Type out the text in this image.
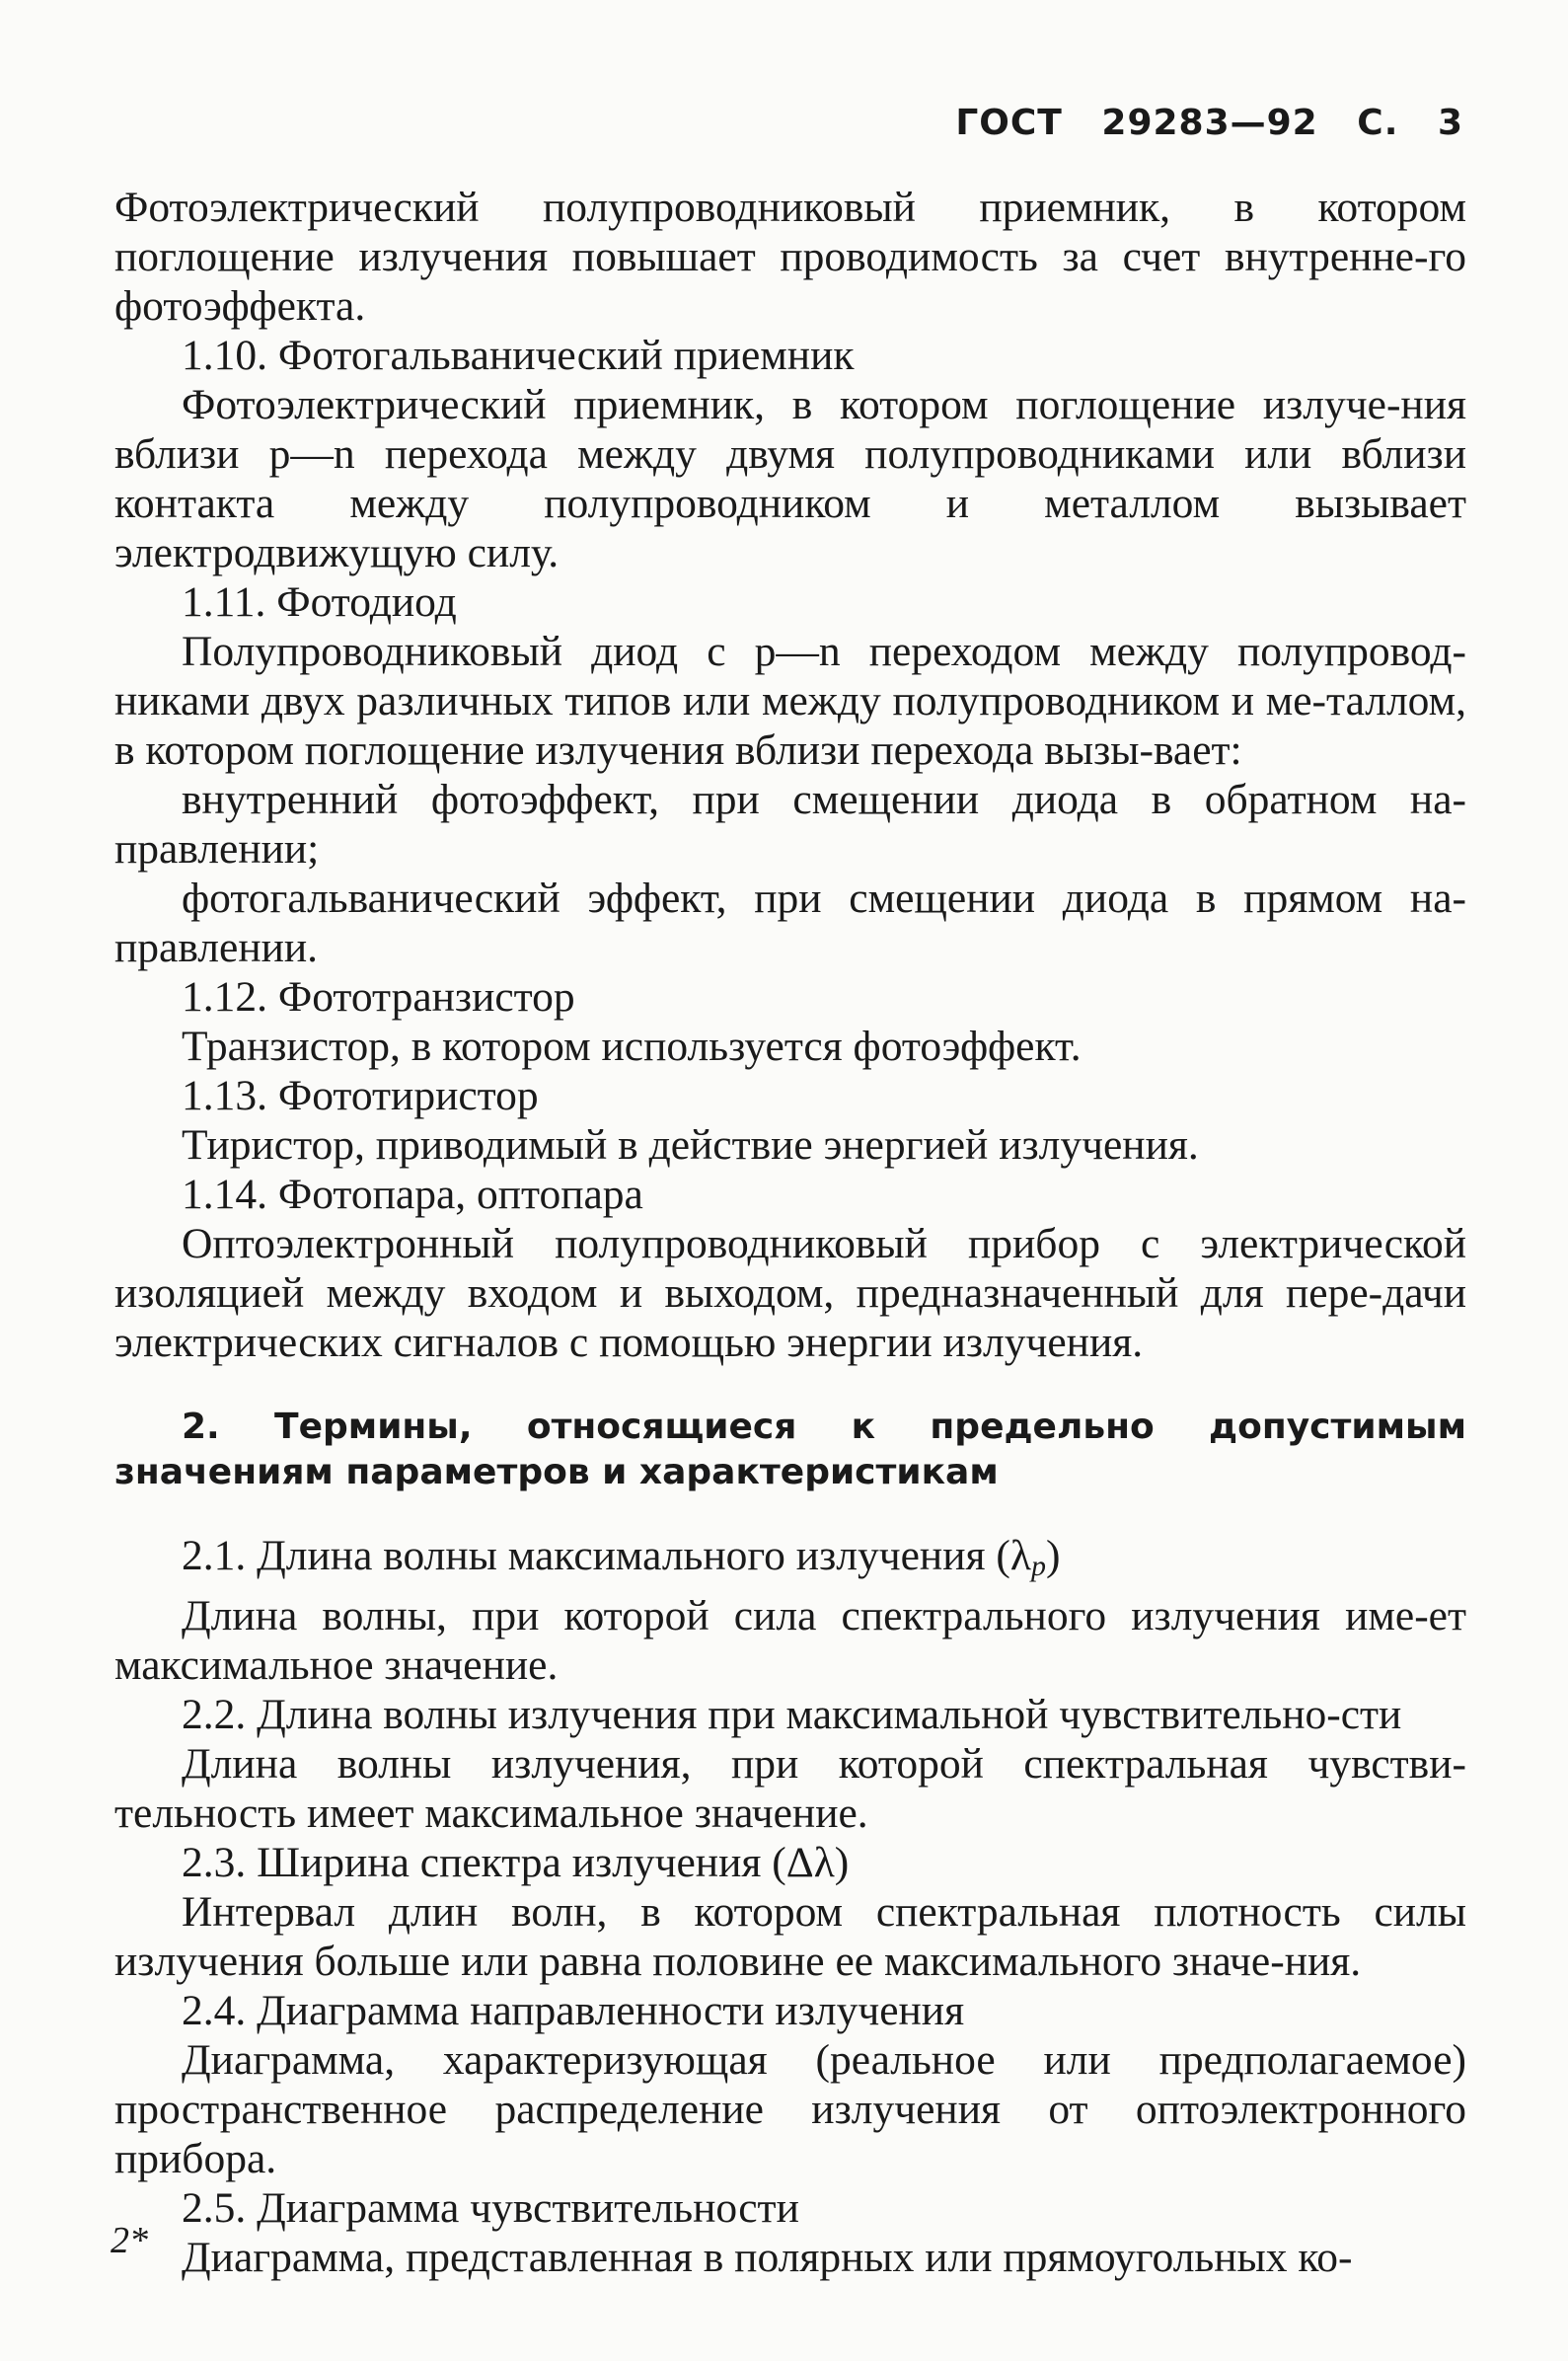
ГОСТ 29283—92 С. 3

Фотоэлектрический полупроводниковый приемник, в котором поглощение излучения повышает проводимость за счет внутренне-го фотоэффекта.

1.10. Фотогальванический приемник

Фотоэлектрический приемник, в котором поглощение излуче-ния вблизи p—n перехода между двумя полупроводниками или вблизи контакта между полупроводником и металлом вызывает электродвижущую силу.

1.11. Фотодиод

Полупроводниковый диод с p—n переходом между полупровод-никами двух различных типов или между полупроводником и ме-таллом, в котором поглощение излучения вблизи перехода вызы-вает:

внутренний фотоэффект, при смещении диода в обратном на-правлении;

фотогальванический эффект, при смещении диода в прямом на-правлении.

1.12. Фототранзистор

Транзистор, в котором используется фотоэффект.

1.13. Фототиристор

Тиристор, приводимый в действие энергией излучения.

1.14. Фотопара, оптопара

Оптоэлектронный полупроводниковый прибор с электрической изоляцией между входом и выходом, предназначенный для пере-дачи электрических сигналов с помощью энергии излучения.

2. Термины, относящиеся к предельно допустимым значениям параметров и характеристикам

2.1. Длина волны максимального излучения $(\lambda_p)$

Длина волны, при которой сила спектрального излучения име-ет максимальное значение.

2.2. Длина волны излучения при максимальной чувствительно-сти

Длина волны излучения, при которой спектральная чувстви-тельность имеет максимальное значение.

2.3. Ширина спектра излучения (Δλ)

Интервал длин волн, в котором спектральная плотность силы излучения больше или равна половине ее максимального значе-ния.

2.4. Диаграмма направленности излучения

Диаграмма, характеризующая (реальное или предполагаемое) пространственное распределение излучения от оптоэлектронного прибора.

2.5. Диаграмма чувствительности

Диаграмма, представленная в полярных или прямоугольных ко-

2*
